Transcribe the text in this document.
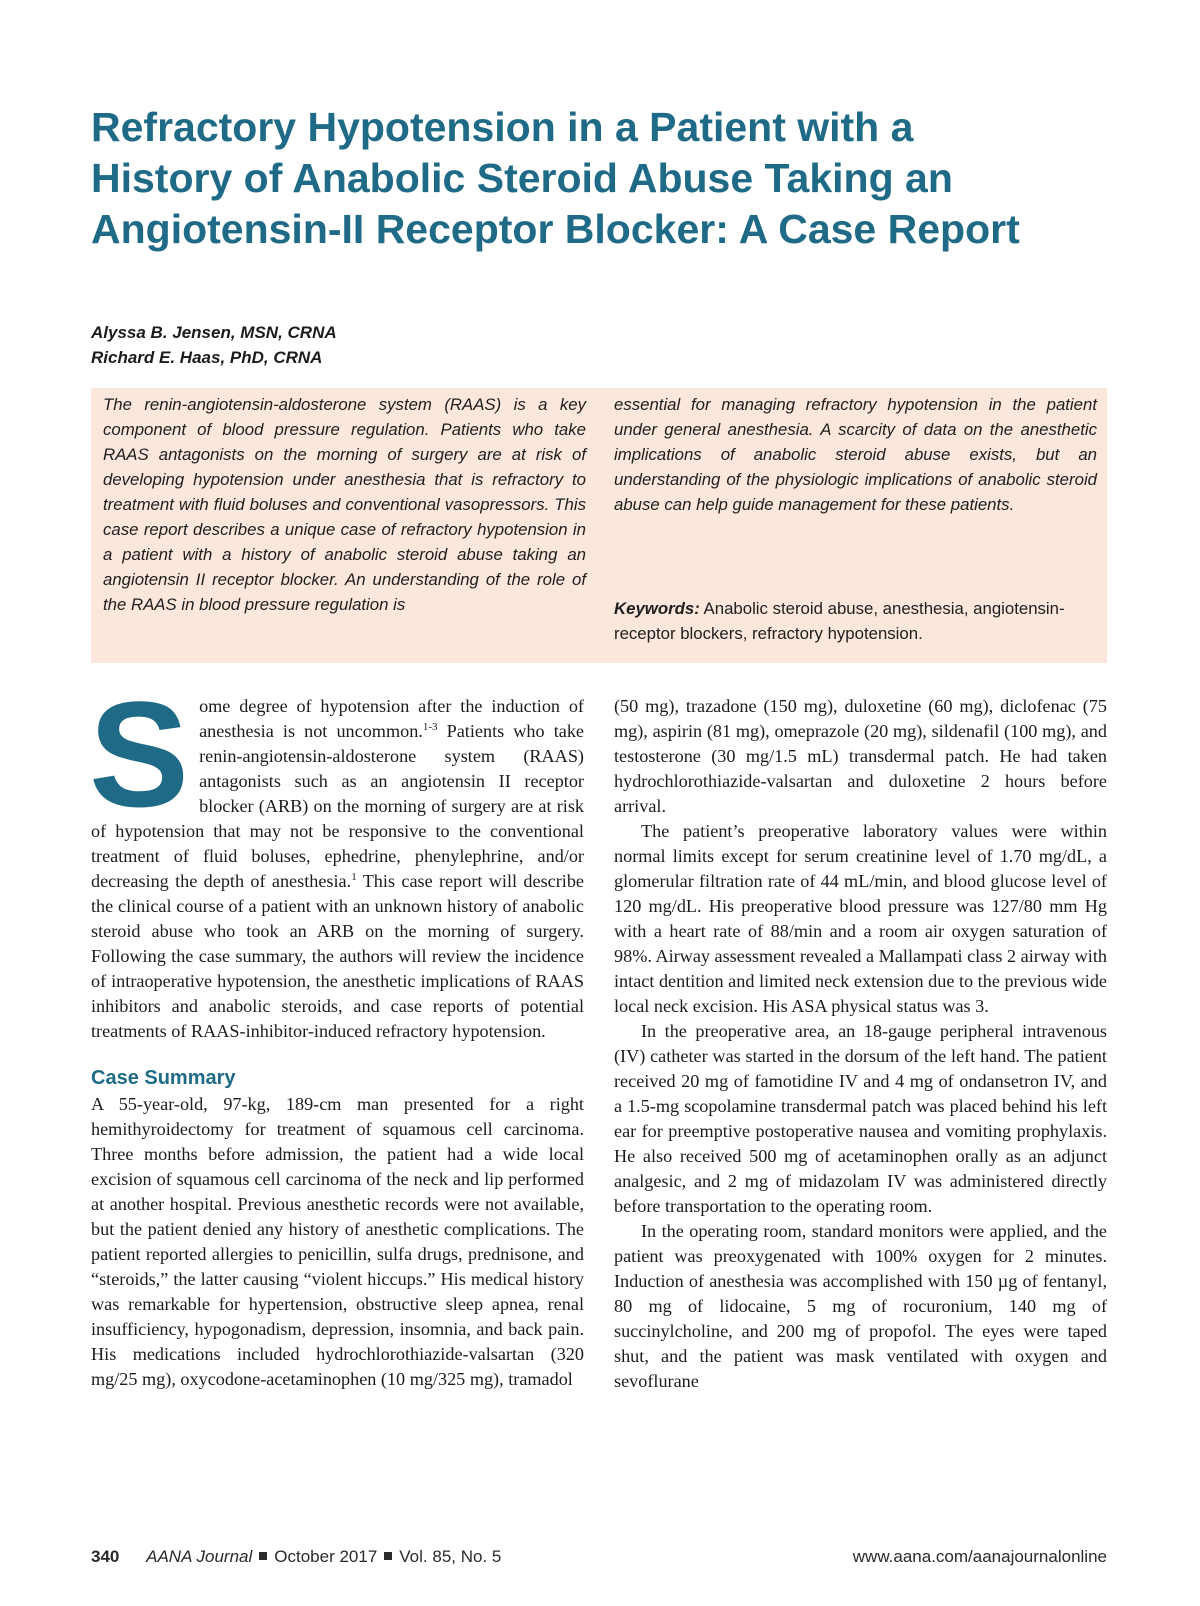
Refractory Hypotension in a Patient with a
History of Anabolic Steroid Abuse Taking an
Angiotensin-II Receptor Blocker: A Case Report
Alyssa B. Jensen, MSN, CRNA
Richard E. Haas, PhD, CRNA
The renin-angiotensin-aldosterone system (RAAS) is a key component of blood pressure regulation. Patients who take RAAS antagonists on the morning of surgery are at risk of developing hypotension under anesthesia that is refractory to treatment with fluid boluses and conventional vasopressors. This case report describes a unique case of refractory hypotension in a patient with a history of anabolic steroid abuse taking an angiotensin II receptor blocker. An understanding of the role of the RAAS in blood pressure regulation is
essential for managing refractory hypotension in the patient under general anesthesia. A scarcity of data on the anesthetic implications of anabolic steroid abuse exists, but an understanding of the physiologic implications of anabolic steroid abuse can help guide management for these patients.
Keywords: Anabolic steroid abuse, anesthesia, angiotensin-receptor blockers, refractory hypotension.

Some degree of hypotension after the induction of anesthesia is not uncommon.$^{1-3}$ Patients who take renin-angiotensin-aldosterone system (RAAS) antagonists such as an angiotensin II receptor blocker (ARB) on the morning of surgery are at risk of hypotension that may not be responsive to the conventional treatment of fluid boluses, ephedrine, phenylephrine, and/or decreasing the depth of anesthesia.$^1$ This case report will describe the clinical course of a patient with an unknown history of anabolic steroid abuse who took an ARB on the morning of surgery. Following the case summary, the authors will review the incidence of intraoperative hypotension, the anesthetic implications of RAAS inhibitors and anabolic steroids, and case reports of potential treatments of RAAS-inhibitor-induced refractory hypotension.

Case Summary

A 55-year-old, 97-kg, 189-cm man presented for a right hemithyroidectomy for treatment of squamous cell carcinoma. Three months before admission, the patient had a wide local excision of squamous cell carcinoma of the neck and lip performed at another hospital. Previous anesthetic records were not available, but the patient denied any history of anesthetic complications. The patient reported allergies to penicillin, sulfa drugs, prednisone, and “steroids,” the latter causing “violent hiccups.” His medical history was remarkable for hypertension, obstructive sleep apnea, renal insufficiency, hypogonadism, depression, insomnia, and back pain. His medications included hydrochlorothiazide-valsartan (320 mg/25 mg), oxycodone-acetaminophen (10 mg/325 mg), tramadol

(50 mg), trazadone (150 mg), duloxetine (60 mg), diclofenac (75 mg), aspirin (81 mg), omeprazole (20 mg), sildenafil (100 mg), and testosterone (30 mg/1.5 mL) transdermal patch. He had taken hydrochlorothiazide-valsartan and duloxetine 2 hours before arrival.

The patient’s preoperative laboratory values were within normal limits except for serum creatinine level of 1.70 mg/dL, a glomerular filtration rate of 44 mL/min, and blood glucose level of 120 mg/dL. His preoperative blood pressure was 127/80 mm Hg with a heart rate of 88/min and a room air oxygen saturation of 98%. Airway assessment revealed a Mallampati class 2 airway with intact dentition and limited neck extension due to the previous wide local neck excision. His ASA physical status was 3.

In the preoperative area, an 18-gauge peripheral intravenous (IV) catheter was started in the dorsum of the left hand. The patient received 20 mg of famotidine IV and 4 mg of ondansetron IV, and a 1.5-mg scopolamine transdermal patch was placed behind his left ear for preemptive postoperative nausea and vomiting prophylaxis. He also received 500 mg of acetaminophen orally as an adjunct analgesic, and 2 mg of midazolam IV was administered directly before transportation to the operating room.

In the operating room, standard monitors were applied, and the patient was preoxygenated with 100% oxygen for 2 minutes. Induction of anesthesia was accomplished with 150 µg of fentanyl, 80 mg of lidocaine, 5 mg of rocuronium, 140 mg of succinylcholine, and 200 mg of propofol. The eyes were taped shut, and the patient was mask ventilated with oxygen and sevoflurane

340 AANA Journal October 2017 Vol. 85, No. 5	www.aana.com/aanajournalonline
